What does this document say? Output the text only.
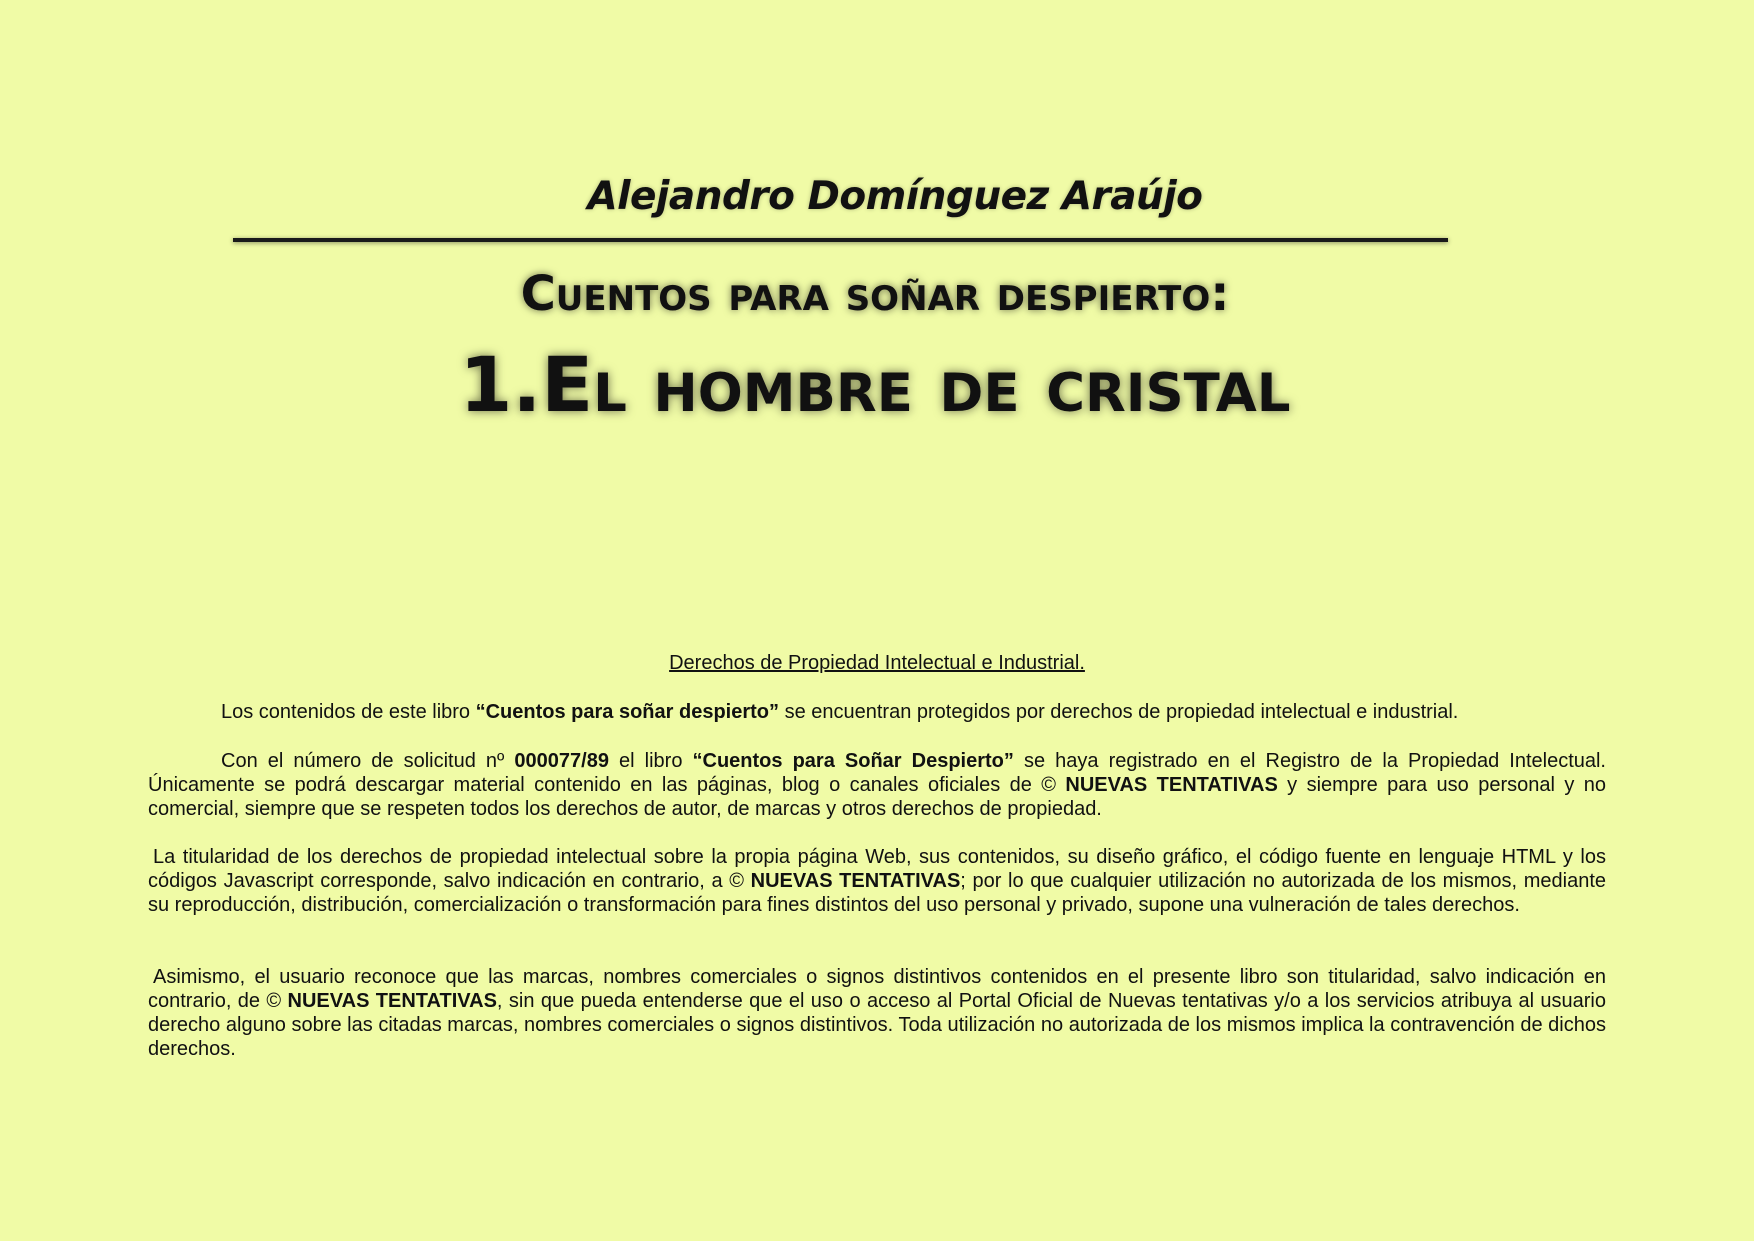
Alejandro Domínguez Araújo
Cuentos para soñar despierto:
1.El hombre de cristal
Derechos de Propiedad Intelectual e Industrial.
Los contenidos de este libro “Cuentos para soñar despierto” se encuentran protegidos por derechos de propiedad intelectual e industrial.
Con el número de solicitud nº 000077/89 el libro “Cuentos para Soñar Despierto” se haya registrado en el Registro de la Propiedad Intelectual. Únicamente se podrá descargar material contenido en las páginas, blog o canales oficiales de © NUEVAS TENTATIVAS y siempre para uso personal y no comercial, siempre que se respeten todos los derechos de autor, de marcas y otros derechos de propiedad.
La titularidad de los derechos de propiedad intelectual sobre la propia página Web, sus contenidos, su diseño gráfico, el código fuente en lenguaje HTML y los códigos Javascript corresponde, salvo indicación en contrario, a © NUEVAS TENTATIVAS; por lo que cualquier utilización no autorizada de los mismos, mediante su reproducción, distribución, comercialización o transformación para fines distintos del uso personal y privado, supone una vulneración de tales derechos.
Asimismo, el usuario reconoce que las marcas, nombres comerciales o signos distintivos contenidos en el presente libro son titularidad, salvo indicación en contrario, de © NUEVAS TENTATIVAS, sin que pueda entenderse que el uso o acceso al Portal Oficial de Nuevas tentativas y/o a los servicios atribuya al usuario derecho alguno sobre las citadas marcas, nombres comerciales o signos distintivos. Toda utilización no autorizada de los mismos implica la contravención de dichos derechos.
